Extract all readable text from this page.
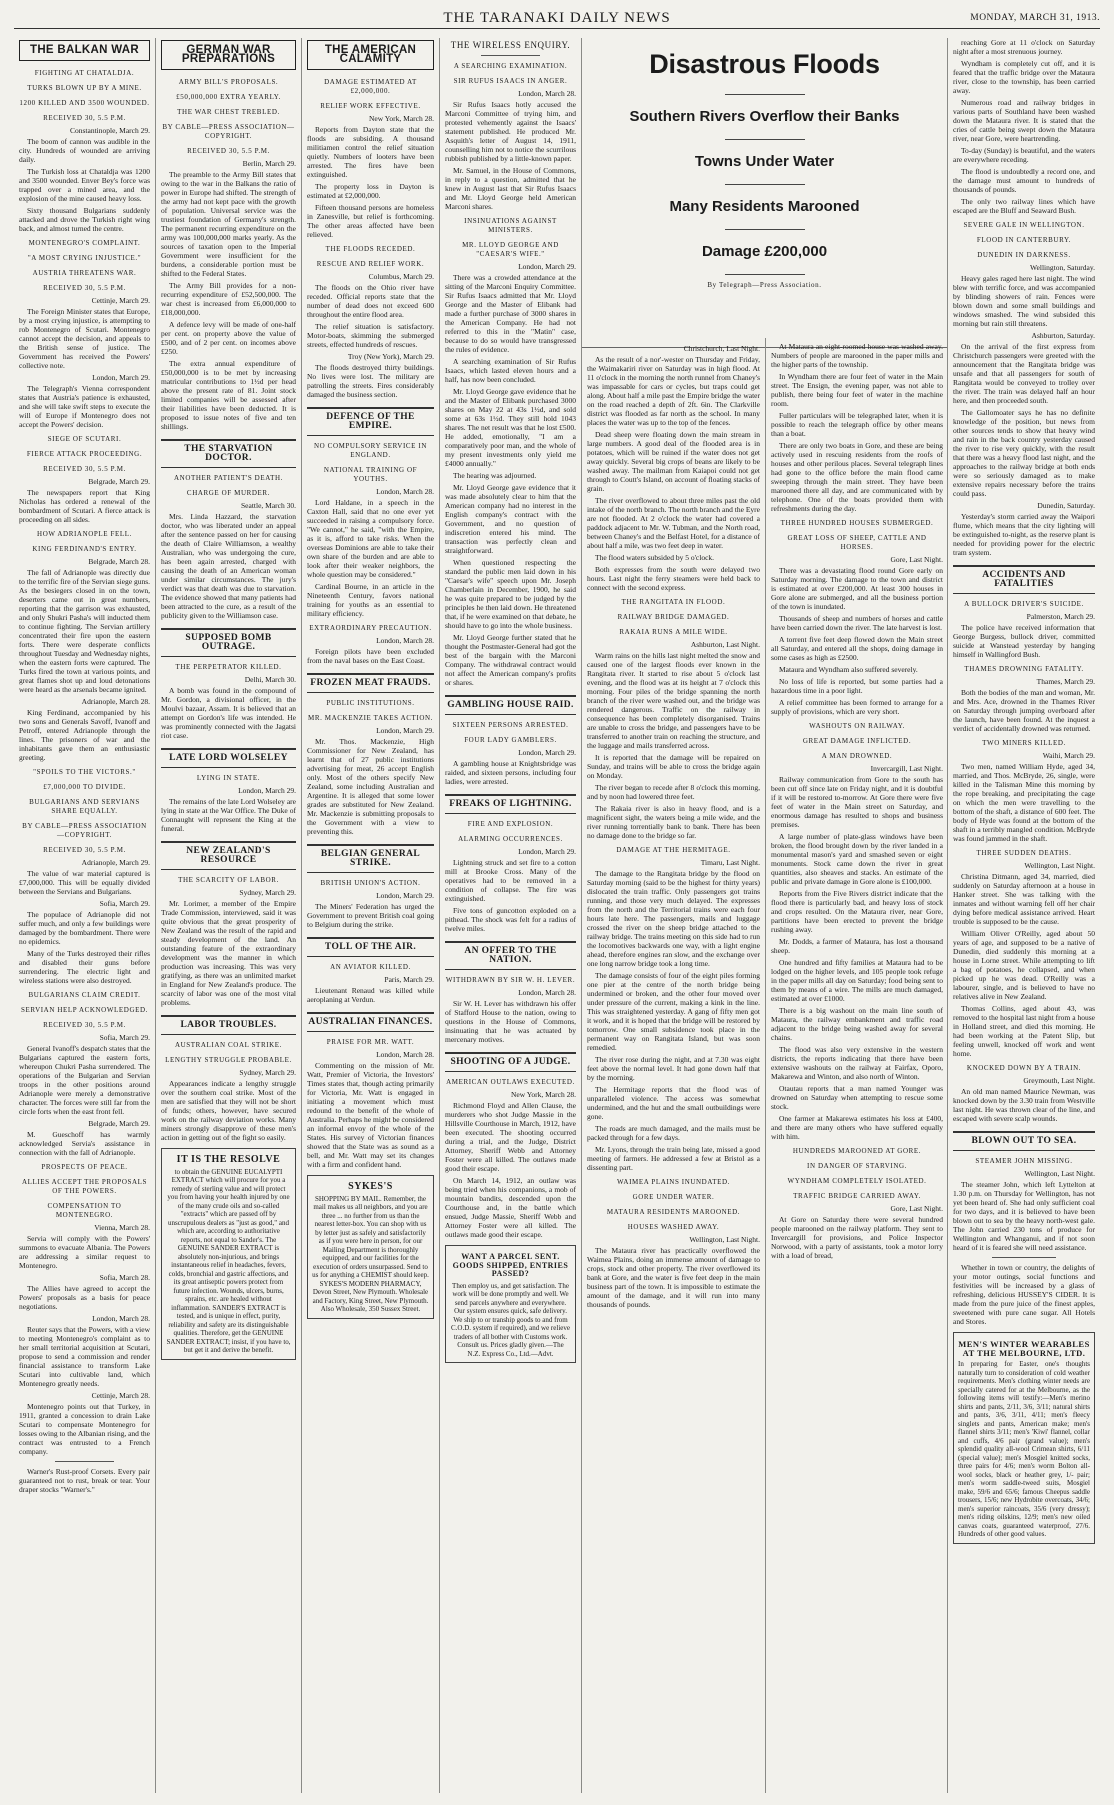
THE TARANAKI DAILY NEWS	MONDAY, MARCH 31, 1913.
THE BALKAN WAR
FIGHTING AT CHATALDJA.
TURKS BLOWN UP BY A MINE.
1200 KILLED AND 3500 WOUNDED.
RECEIVED 30, 5.5 P.M.
Constantinople, March 29.

The boom of cannon was audible in the city. Hundreds of wounded are arriving daily.

The Turkish loss at Chataldja was 1200 and 3500 wounded. Enver Bey's force was trapped over a mined area, and the explosion of the mine caused heavy loss.

Sixty thousand Bulgarians suddenly attacked and drove the Turkish right wing back, and almost turned the centre.

MONTENEGRO'S COMPLAINT.
"A MOST CRYING INJUSTICE."
AUSTRIA THREATENS WAR.
RECEIVED 30, 5.5 P.M.
Cettinje, March 29.

The Foreign Minister states that Europe, by a most crying injustice, is attempting to rob Montenegro of Scutari. Montenegro cannot accept the decision, and appeals to the British sense of justice. The Government has received the Powers' collective note.

London, March 29.

The Telegraph's Vienna correspondent states that Austria's patience is exhausted, and she will take swift steps to execute the will of Europe if Montenegro does not accept the Powers' decision.

SIEGE OF SCUTARI.
FIERCE ATTACK PROCEEDING.
RECEIVED 30, 5.5 P.M.
Belgrade, March 29.

The newspapers report that King Nicholas has ordered a renewal of the bombardment of Scutari. A fierce attack is proceeding on all sides.

HOW ADRIANOPLE FELL.
KING FERDINAND'S ENTRY.
Belgrade, March 28.

The fall of Adrianople was directly due to the terrific fire of the Servian siege guns. As the besiegers closed in on the town, deserters came out in great numbers, reporting that the garrison was exhausted, and only Shukri Pasha's will inducted them to continue fighting. The Servian artillery concentrated their fire upon the eastern forts. There were desperate conflicts throughout Tuesday and Wednesday nights, when the eastern forts were captured. The Turks fired the town at various points, and great flames shot up and loud detonations were heard as the arsenals became ignited.

Adrianople, March 28.

King Ferdinand, accompanied by his two sons and Generals Savoff, Ivanoff and Petroff, entered Adrianople through the lines. The prisoners of war and the inhabitants gave them an enthusiastic greeting.

"SPOILS TO THE VICTORS."
£7,000,000 TO DIVIDE.
BULGARIANS AND SERVIANS SHARE EQUALLY.
BY CABLE—PRESS ASSOCIATION—COPYRIGHT.
RECEIVED 30, 5.5 P.M.
Adrianople, March 29.

The value of war material captured is £7,000,000. This will be equally divided between the Servians and Bulgarians.

Sofia, March 29.

The populace of Adrianople did not suffer much, and only a few buildings were damaged by the bombardment. There were no epidemics.

Many of the Turks destroyed their rifles and disabled their guns before surrendering. The electric light and wireless stations were also destroyed.

BULGARIANS CLAIM CREDIT.
SERVIAN HELP ACKNOWLEDGED.
RECEIVED 30, 5.5 P.M.
Sofia, March 29.

General Ivanoff's despatch states that the Bulgarians captured the eastern forts, whereupon Chukri Pasha surrendered. The operations of the Bulgarian and Servian troops in the other positions around Adrianople were merely a demonstrative character. The forces were still far from the circle forts when the east front fell.

Belgrade, March 29.

M. Gueschoff has warmly acknowledged Servia's assistance in connection with the fall of Adrianople.

PROSPECTS OF PEACE.
ALLIES ACCEPT THE PROPOSALS OF THE POWERS.
COMPENSATION TO MONTENEGRO.
Vienna, March 28.

Servia will comply with the Powers' summons to evacuate Albania. The Powers are addressing a similar request to Montenegro.

Sofia, March 28.

The Allies have agreed to accept the Powers' proposals as a basis for peace negotiations.

London, March 28.

Reuter says that the Powers, with a view to meeting Montenegro's complaint as to her small territorial acquisition at Scutari, propose to send a commission and render financial assistance to transform Lake Scutari into cultivable land, which Montenegro greatly needs.

Cettinje, March 28.

Montenegro points out that Turkey, in 1911, granted a concession to drain Lake Scutari to compensate Montenegro for losses owing to the Albanian rising, and the contract was entrusted to a French company.

Warner's Rust-proof Corsets. Every pair guaranteed not to rust, break or tear. Your draper stocks "Warner's."

GERMAN WAR PREPARATIONS
ARMY BILL'S PROPOSALS.
£50,000,000 EXTRA YEARLY.
THE WAR CHEST TREBLED.
BY CABLE—PRESS ASSOCIATION—COPYRIGHT.
RECEIVED 30, 5.5 P.M.
Berlin, March 29.

The preamble to the Army Bill states that owing to the war in the Balkans the ratio of power in Europe had shifted. The strength of the army had not kept pace with the growth of population. Universal service was the trustiest foundation of Germany's strength. The permanent recurring expenditure on the army was 100,000,000 marks yearly. As the sources of taxation open to the Imperial Government were insufficient for the burdens, a considerable portion must be shifted to the Federal States.

The Army Bill provides for a non-recurring expenditure of £52,500,000. The war chest is increased from £6,000,000 to £18,000,000.

A defence levy will be made of one-half per cent. on property above the value of £500, and of 2 per cent. on incomes above £250.

The extra annual expenditure of £50,000,000 is to be met by increasing matricular contributions to 1½d per head above the present rate of 81. Joint stock limited companies will be assessed after their liabilities have been deducted. It is proposed to issue notes of five and ten shillings.

THE STARVATION DOCTOR.
ANOTHER PATIENT'S DEATH.
CHARGE OF MURDER.
Seattle, March 30.

Mrs. Linda Hazzard, the starvation doctor, who was liberated under an appeal after the sentence passed on her for causing the death of Claire Williamson, a wealthy Australian, who was undergoing the cure, has been again arrested, charged with causing the death of an American woman under similar circumstances. The jury's verdict was that death was due to starvation. The evidence showed that many patients had been attracted to the cure, as a result of the publicity given to the Williamson case.

SUPPOSED BOMB OUTRAGE.
THE PERPETRATOR KILLED.
Delhi, March 30.

A bomb was found in the compound of Mr. Gordon, a divisional officer, in the Moulvi bazaar, Assam. It is believed that an attempt on Gordon's life was intended. He was prominently connected with the Jagatsi riot case.

LATE LORD WOLSELEY
LYING IN STATE.
London, March 29.

The remains of the late Lord Wolseley are lying in state at the War Office. The Duke of Connaught will represent the King at the funeral.

NEW ZEALAND'S RESOURCE
THE SCARCITY OF LABOR.
Sydney, March 29.

Mr. Lorimer, a member of the Empire Trade Commission, interviewed, said it was quite obvious that the great prosperity of New Zealand was the result of the rapid and steady development of the land. An outstanding feature of the extraordinary development was the manner in which production was increasing. This was very gratifying, as there was an unlimited market in England for New Zealand's produce. The scarcity of labor was one of the most vital problems.

LABOR TROUBLES.
AUSTRALIAN COAL STRIKE.
LENGTHY STRUGGLE PROBABLE.
Sydney, March 29.

Appearances indicate a lengthy struggle over the southern coal strike. Most of the men are satisfied that they will not be short of funds; others, however, have secured work on the railway deviation works. Many miners strongly disapprove of these men's action in getting out of the fight so easily.

IT IS THE RESOLVE
to obtain the GENUINE EUCALYPTI EXTRACT which will procure for you a remedy of sterling value and will protect you from having your health injured by one of the many crude oils and so-called "extracts" which are passed off by unscrupulous dealers as "just as good," and which are, according to authoritative reports, not equal to Sander's. The GENUINE SANDER EXTRACT is absolutely non-injurious, and brings instantaneous relief in headaches, fevers, colds, bronchial and gastric affections, and its great antiseptic powers protect from future infection. Wounds, ulcers, burns, sprains, etc. are healed without inflammation. SANDER'S EXTRACT is tested, and is unique in effect, purity, reliability and safety are its distinguishable qualities. Therefore, get the GENUINE SANDER EXTRACT; insist, if you have to, but get it and derive the benefit.
THE AMERICAN CALAMITY
DAMAGE ESTIMATED AT £2,000,000.
RELIEF WORK EFFECTIVE.
New York, March 28.

Reports from Dayton state that the floods are subsiding. A thousand militiamen control the relief situation quietly. Numbers of looters have been arrested. The fires have been extinguished.

The property loss in Dayton is estimated at £2,000,000.

Fifteen thousand persons are homeless in Zanesville, but relief is forthcoming. The other areas affected have been relieved.

THE FLOODS RECEDED.
RESCUE AND RELIEF WORK.
Columbus, March 29.

The floods on the Ohio river have receded. Official reports state that the number of dead does not exceed 600 throughout the entire flood area.

The relief situation is satisfactory. Motor-boats, skimming the submerged streets, effected hundreds of rescues.

Troy (New York), March 29.

The floods destroyed thirty buildings. No lives were lost. The military are patrolling the streets. Fires considerably damaged the business section.

DEFENCE OF THE EMPIRE.
NO COMPULSORY SERVICE IN ENGLAND.
NATIONAL TRAINING OF YOUTHS.
London, March 28.

Lord Haldane, in a speech in the Caxton Hall, said that no one ever yet succeeded in raising a compulsory force. "We cannot," he said, "with the Empire, as it is, afford to take risks. When the overseas Dominions are able to take their own share of the burden and are able to look after their weaker neighbors, the whole question may be considered."

Cardinal Bourne, in an article in the Nineteenth Century, favors national training for youths as an essential to military efficiency.

EXTRAORDINARY PRECAUTION.
London, March 28.

Foreign pilots have been excluded from the naval bases on the East Coast.

FROZEN MEAT FRAUDS.
PUBLIC INSTITUTIONS.
MR. MACKENZIE TAKES ACTION.
London, March 29.

Mr. Thos. Mackenzie, High Commissioner for New Zealand, has learnt that of 27 public institutions advertising for meat, 26 accept English only. Most of the others specify New Zealand, some including Australian and Argentine. It is alleged that some lower grades are substituted for New Zealand. Mr. Mackenzie is submitting proposals to the Government with a view to preventing this.

BELGIAN GENERAL STRIKE.
BRITISH UNION'S ACTION.
London, March 29.

The Miners' Federation has urged the Government to prevent British coal going to Belgium during the strike.

TOLL OF THE AIR.
AN AVIATOR KILLED.
Paris, March 29.

Lieutenant Renaud was killed while aeroplaning at Verdun.

AUSTRALIAN FINANCES.
PRAISE FOR MR. WATT.
London, March 28.

Commenting on the mission of Mr. Watt, Premier of Victoria, the Investors' Times states that, though acting primarily for Victoria, Mr. Watt is engaged in initiating a movement which must redound to the benefit of the whole of Australia. Perhaps he might be considered an informal envoy of the whole of the States. His survey of Victorian finances showed that the State was as sound as a bell, and Mr. Watt may set its changes with a firm and confident hand.

SYKES'S
SHOPPING BY MAIL. Remember, the mail makes us all neighbors, and you are three ... no further from us than the nearest letter-box. You can shop with us by letter just as safely and satisfactorily as if you were here in person, for our Mailing Department is thoroughly equipped, and our facilities for the execution of orders unsurpassed. Send to us for anything a CHEMIST should keep. SYKES'S MODERN PHARMACY, Devon Street, New Plymouth. Wholesale and Factory, King Street, New Plymouth. Also Wholesale, 350 Sussex Street.
THE WIRELESS ENQUIRY.
A SEARCHING EXAMINATION.
SIR RUFUS ISAACS IN ANGER.
London, March 28.

Sir Rufus Isaacs hotly accused the Marconi Committee of trying him, and protested vehemently against the Isaacs' statement published. He produced Mr. Asquith's letter of August 14, 1911, counselling him not to notice the scurrilous rubbish published by a little-known paper.

Mr. Samuel, in the House of Commons, in reply to a question, admitted that he knew in August last that Sir Rufus Isaacs and Mr. Lloyd George held American Marconi shares.

INSINUATIONS AGAINST MINISTERS.
MR. LLOYD GEORGE AND "CAESAR'S WIFE."
London, March 29.

There was a crowded attendance at the sitting of the Marconi Enquiry Committee. Sir Rufus Isaacs admitted that Mr. Lloyd George and the Master of Elibank had made a further purchase of 3000 shares in the American Company. He had not referred to this in the "Matin" case, because to do so would have transgressed the rules of evidence.

A searching examination of Sir Rufus Isaacs, which lasted eleven hours and a half, has now been concluded.

Mr. Lloyd George gave evidence that he and the Master of Elibank purchased 3000 shares on May 22 at 43s 1½d, and sold some at 63s 1½d. They still hold 1043 shares. The net result was that he lost £500. He added, emotionally, "I am a comparatively poor man, and the whole of my present investments only yield me £4000 annually."

The hearing was adjourned.

Mr. Lloyd George gave evidence that it was made absolutely clear to him that the American company had no interest in the English company's contract with the Government, and no question of indiscretion entered his mind. The transaction was perfectly clean and straightforward.

When questioned respecting the standard the public men laid down in his "Caesar's wife" speech upon Mr. Joseph Chamberlain in December, 1900, he said he was quite prepared to be judged by the principles he then laid down. He threatened that, if he were examined on that debate, he should have to go into the whole business.

Mr. Lloyd George further stated that he thought the Postmaster-General had got the best of the bargain with the Marconi Company. The withdrawal contract would not affect the American company's profits or shares.

GAMBLING HOUSE RAID.
SIXTEEN PERSONS ARRESTED.
FOUR LADY GAMBLERS.
London, March 29.

A gambling house at Knightsbridge was raided, and sixteen persons, including four ladies, were arrested.

FREAKS OF LIGHTNING.
FIRE AND EXPLOSION.
ALARMING OCCURRENCES.
London, March 29.

Lightning struck and set fire to a cotton mill at Brooke Cross. Many of the operatives had to be removed in a condition of collapse. The fire was extinguished.

Five tons of guncotton exploded on a pithead. The shock was felt for a radius of twelve miles.

AN OFFER TO THE NATION.
WITHDRAWN BY SIR W. H. LEVER.
London, March 28.

Sir W. H. Lever has withdrawn his offer of Stafford House to the nation, owing to questions in the House of Commons, insinuating that he was actuated by mercenary motives.

SHOOTING OF A JUDGE.
AMERICAN OUTLAWS EXECUTED.
New York, March 28.

Richmond Floyd and Allen Clause, the murderers who shot Judge Massie in the Hillsville Courthouse in March, 1912, have been executed. The shooting occurred during a trial, and the Judge, District Attorney, Sheriff Webb and Attorney Foster were all killed. The outlaws made good their escape.

On March 14, 1912, an outlaw was being tried when his companions, a mob of mountain bandits, descended upon the Courthouse and, in the battle which ensued, Judge Massie, Sheriff Webb and Attorney Foster were all killed. The outlaws made good their escape.

WANT A PARCEL SENT. GOODS SHIPPED, ENTRIES PASSED?
Then employ us, and get satisfaction. The work will be done promptly and well. We send parcels anywhere and everywhere. Our system ensures quick, safe delivery. We ship to or tranship goods to and from C.O.D. system if required), and we relieve traders of all bother with Customs work. Consult us. Prices gladly given.—The N.Z. Express Co., Ltd.—Advt.
Disastrous Floods
Southern Rivers Overflow their Banks
Towns Under Water
Many Residents Marooned
Damage £200,000
By Telegraph—Press Association.
Christchurch, Last Night.

As the result of a nor'-wester on Thursday and Friday, the Waimakariri river on Saturday was in high flood. At 11 o'clock in the morning the north runnel from Chaney's was impassable for cars or cycles, but traps could get along. About half a mile past the Empire bridge the water on the road reached a depth of 2ft. 6in. The Clarkville district was flooded as far north as the school. In many places the water was up to the top of the fences.

Dead sheep were floating down the main stream in large numbers. A good deal of the flooded area is in potatoes, which will be ruined if the water does not get away quickly. Several big crops of beans are likely to be washed away. The mailman from Kaiapoi could not get through to Coutt's Island, on account of floating stacks of grain.

The river overflowed to about three miles past the old intake of the north branch. The north branch and the Eyre are not flooded. At 2 o'clock the water had covered a paddock adjacent to Mr. W. Tubman, and the North road, between Chaney's and the Belfast Hotel, for a distance of about half a mile, was two feet deep in water.

The flood waters subsided by 5 o'clock.

Both expresses from the south were delayed two hours. Last night the ferry steamers were held back to connect with the second express.

THE RANGITATA IN FLOOD.
RAILWAY BRIDGE DAMAGED.
RAKAIA RUNS A MILE WIDE.
Ashburton, Last Night.

Warm rains on the hills last night melted the snow and caused one of the largest floods ever known in the Rangitata river. It started to rise about 5 o'clock last evening, and the flood was at its height at 7 o'clock this morning. Four piles of the bridge spanning the north branch of the river were washed out, and the bridge was rendered dangerous. Traffic on the railway in consequence has been completely disorganised. Trains are unable to cross the bridge, and passengers have to be transferred to another train on reaching the structure, and the luggage and mails transferred across.

It is reported that the damage will be repaired on Sunday, and trains will be able to cross the bridge again on Monday.

The river began to recede after 8 o'clock this morning, and by noon had lowered three feet.

The Rakaia river is also in heavy flood, and is a magnificent sight, the waters being a mile wide, and the river running torrentially bank to bank. There has been no damage done to the bridge so far.

DAMAGE AT THE HERMITAGE.
Timaru, Last Night.

The damage to the Rangitata bridge by the flood on Saturday morning (said to be the highest for thirty years) dislocated the train traffic. Only passengers got trains running, and those very much delayed. The expresses from the north and the Territorial trains were each four hours late here. The passengers, mails and luggage crossed the river on the sheep bridge attached to the railway bridge. The trains meeting on this side had to run the locomotives backwards one way, with a light engine ahead, therefore engines ran slow, and the exchange over one long narrow bridge took a long time.

The damage consists of four of the eight piles forming one pier at the centre of the north bridge being undermined or broken, and the other four moved over under pressure of the current, making a kink in the line. This was straightened yesterday. A gang of fifty men got it work, and it is hoped that the bridge will be restored by tomorrow. One small subsidence took place in the permanent way on Rangitata Island, but was soon remedied.

The river rose during the night, and at 7.30 was eight feet above the normal level. It had gone down half that by the morning.

The Hermitage reports that the flood was of unparalleled violence. The access was somewhat undermined, and the hut and the small outbuildings were gone.

The roads are much damaged, and the mails must be packed through for a few days.

Mr. Lyons, through the train being late, missed a good meeting of farmers. He addressed a few at Bristol as a dissenting part.

WAIMEA PLAINS INUNDATED.
GORE UNDER WATER.
MATAURA RESIDENTS MAROONED.
HOUSES WASHED AWAY.
Wellington, Last Night.

The Mataura river has practically overflowed the Waimea Plains, doing an immense amount of damage to crops, stock and other property. The river overflowed its bank at Gore, and the water is five feet deep in the main business part of the town. It is impossible to estimate the amount of the damage, and it will run into many thousands of pounds.

At Mataura an eight-roomed house was washed away. Numbers of people are marooned in the paper mills and the higher parts of the township.

In Wyndham there are four feet of water in the Main street. The Ensign, the evening paper, was not able to publish, there being four feet of water in the machine room.

Fuller particulars will be telegraphed later, when it is possible to reach the telegraph office by other means than a boat.

There are only two boats in Gore, and these are being actively used in rescuing residents from the roofs of houses and other perilous places. Several telegraph lines had gone to the office before the main flood came sweeping through the main street. They have been marooned there all day, and are communicated with by telephone. One of the boats provided them with refreshments during the day.

THREE HUNDRED HOUSES SUBMERGED.
GREAT LOSS OF SHEEP, CATTLE AND HORSES.
Gore, Last Night.

There was a devastating flood round Gore early on Saturday morning. The damage to the town and district is estimated at over £200,000. At least 300 houses in Gore alone are submerged, and all the business portion of the town is inundated.

Thousands of sheep and numbers of horses and cattle have been carried down the river. The late harvest is lost.

A torrent five feet deep flowed down the Main street all Saturday, and entered all the shops, doing damage in some cases as high as £2500.

Mataura and Wyndham also suffered severely.

No loss of life is reported, but some parties had a hazardous time in a poor light.

A relief committee has been formed to arrange for a supply of provisions, which are very short.

WASHOUTS ON RAILWAY.
GREAT DAMAGE INFLICTED.
A MAN DROWNED.
Invercargill, Last Night.

Railway communication from Gore to the south has been cut off since late on Friday night, and it is doubtful if it will be restored to-morrow. At Gore there were five feet of water in the Main street on Saturday, and enormous damage has resulted to shops and business premises.

A large number of plate-glass windows have been broken, the flood brought down by the river landed in a monumental mason's yard and smashed seven or eight monuments. Stock came down the river in great quantities, also sheaves and stacks. An estimate of the public and private damage in Gore alone is £100,000.

Reports from the Five Rivers district indicate that the flood there is particularly bad, and heavy loss of stock and crops resulted. On the Mataura river, near Gore, partitions have been erected to prevent the bridge rushing away.

Mr. Dodds, a farmer of Mataura, has lost a thousand sheep.

One hundred and fifty families at Mataura had to be lodged on the higher levels, and 105 people took refuge in the paper mills all day on Saturday; food being sent to them by means of a wire. The mills are much damaged, estimated at over £1000.

There is a big washout on the main line south of Mataura, the railway embankment and traffic road adjacent to the bridge being washed away for several chains.

The flood was also very extensive in the western districts, the reports indicating that there have been extensive washouts on the railway at Fairfax, Oporo, Makarewa and Winton, and also north of Winton.

Otautau reports that a man named Younger was drowned on Saturday when attempting to rescue some stock.

One farmer at Makarewa estimates his loss at £400, and there are many others who have suffered equally with him.

HUNDREDS MAROONED AT GORE.
IN DANGER OF STARVING.
WYNDHAM COMPLETELY ISOLATED.
TRAFFIC BRIDGE CARRIED AWAY.
Gore, Last Night.

At Gore on Saturday there were several hundred people marooned on the railway platform. They sent to Invercargill for provisions, and Police Inspector Norwood, with a party of assistants, took a motor lorry with a load of bread,

reaching Gore at 11 o'clock on Saturday night after a most strenuous journey.

Wyndham is completely cut off, and it is feared that the traffic bridge over the Mataura river, close to the township, has been carried away.

Numerous road and railway bridges in various parts of Southland have been washed down the Mataura river. It is stated that the cries of cattle being swept down the Mataura river, near Gore, were heartrending.

To-day (Sunday) is beautiful, and the waters are everywhere receding.

The flood is undoubtedly a record one, and the damage must amount to hundreds of thousands of pounds.

The only two railway lines which have escaped are the Bluff and Seaward Bush.

SEVERE GALE IN WELLINGTON.
FLOOD IN CANTERBURY.
DUNEDIN IN DARKNESS.
Wellington, Saturday.

Heavy gales raged here last night. The wind blew with terrific force, and was accompanied by blinding showers of rain. Fences were blown down and some small buildings and windows smashed. The wind subsided this morning but rain still threatens.

Ashburton, Saturday.

On the arrival of the first express from Christchurch passengers were greeted with the announcement that the Rangitata bridge was unsafe and that all passengers for south of Rangitata would be conveyed to trolley over the river. The train was delayed half an hour here, and then proceeded south.

The Gallomoater says he has no definite knowledge of the position, but news from other sources tends to show that heavy wind and rain in the back country yesterday caused the river to rise very quickly, with the result that there was a heavy flood last night, and the approaches to the railway bridge at both ends were so seriously damaged as to make extensive repairs necessary before the trains could pass.

Dunedin, Saturday.

Yesterday's storm carried away the Waipori flume, which means that the city lighting will be extinguished to-night, as the reserve plant is needed for providing power for the electric tram system.

ACCIDENTS AND FATALITIES
A BULLOCK DRIVER'S SUICIDE.
Palmerston, March 29.

The police have received information that George Burgess, bullock driver, committed suicide at Wanstead yesterday by hanging himself in Wallingford Bush.

THAMES DROWNING FATALITY.
Thames, March 29.

Both the bodies of the man and woman, Mr. and Mrs. Ace, drowned in the Thames River on Saturday through jumping overboard after the launch, have been found. At the inquest a verdict of accidentally drowned was returned.

TWO MINERS KILLED.
Waihi, March 29.

Two men, named William Hyde, aged 34, married, and Thos. McBryde, 26, single, were killed in the Talisman Mine this morning by the rope breaking, and precipitating the cage on which the men were travelling to the bottom of the shaft, a distance of 600 feet. The body of Hyde was found at the bottom of the shaft in a terribly mangled condition. McBryde was found jammed in the shaft.

THREE SUDDEN DEATHS.
Wellington, Last Night.

Christina Ditmann, aged 34, married, died suddenly on Saturday afternoon at a house in Hanker street. She was talking with the inmates and without warning fell off her chair dying before medical assistance arrived. Heart trouble is supposed to be the cause.

William Oliver O'Reilly, aged about 50 years of age, and supposed to be a native of Dunedin, died suddenly this morning at a house in Lorne street. While attempting to lift a bag of potatoes, he collapsed, and when picked up he was dead. O'Reilly was a labourer, single, and is believed to have no relatives alive in New Zealand.

Thomas Collins, aged about 43, was removed to the hospital last night from a house in Holland street, and died this morning. He had been working at the Patent Slip, but feeling unwell, knocked off work and went home.

KNOCKED DOWN BY A TRAIN.
Greymouth, Last Night.

An old man named Maurice Newman, was knocked down by the 3.30 train from Westville last night. He was thrown clear of the line, and escaped with severe scalp wounds.

BLOWN OUT TO SEA.
STEAMER JOHN MISSING.
Wellington, Last Night.

The steamer John, which left Lyttelton at 1.30 p.m. on Thursday for Wellington, has not yet been heard of. She had only sufficient coal for two days, and it is believed to have been blown out to sea by the heavy north-west gale. The John carried 230 tons of produce for Wellington and Whanganui, and if not soon heard of it is feared she will need assistance.

Whether in town or country, the delights of your motor outings, social functions and festivities will be increased by a glass of refreshing, delicious HUSSEY'S CIDER. It is made from the pure juice of the finest apples, sweetened with pure cane sugar. All Hotels and Stores.

MEN'S WINTER WEARABLES AT THE MELBOURNE, LTD.
In preparing for Easter, one's thoughts naturally turn to consideration of cold weather requirements. Men's clothing winter needs are specially catered for at the Melbourne, as the following items will testify:—Men's merino shirts and pants, 2/11, 3/6, 3/11; natural shirts and pants, 3/6, 3/11, 4/11; men's fleecy singlets and pants, American make; men's flannel shirts 3/11; men's 'Kiwi' flannel, collar and cuffs, 4/6 pair (grand value); men's splendid quality all-wool Crimean shirts, 6/11 (special value); men's Mosgiel knitted socks, three pairs for 4/6; men's worm Bolton all-wool socks, black or heather grey, 1/- pair; men's worm saddle-tweed suits, Mosgiel make, 59/6 and 65/6; famous Cheepus saddle trousers, 15/6; new Hydrobite overcoats, 34/6; men's superior raincoats, 35/6 (very dressy); men's riding oilskins, 12/9; men's new oiled canvas coats, guaranteed waterproof, 27/6. Hundreds of other good values.
